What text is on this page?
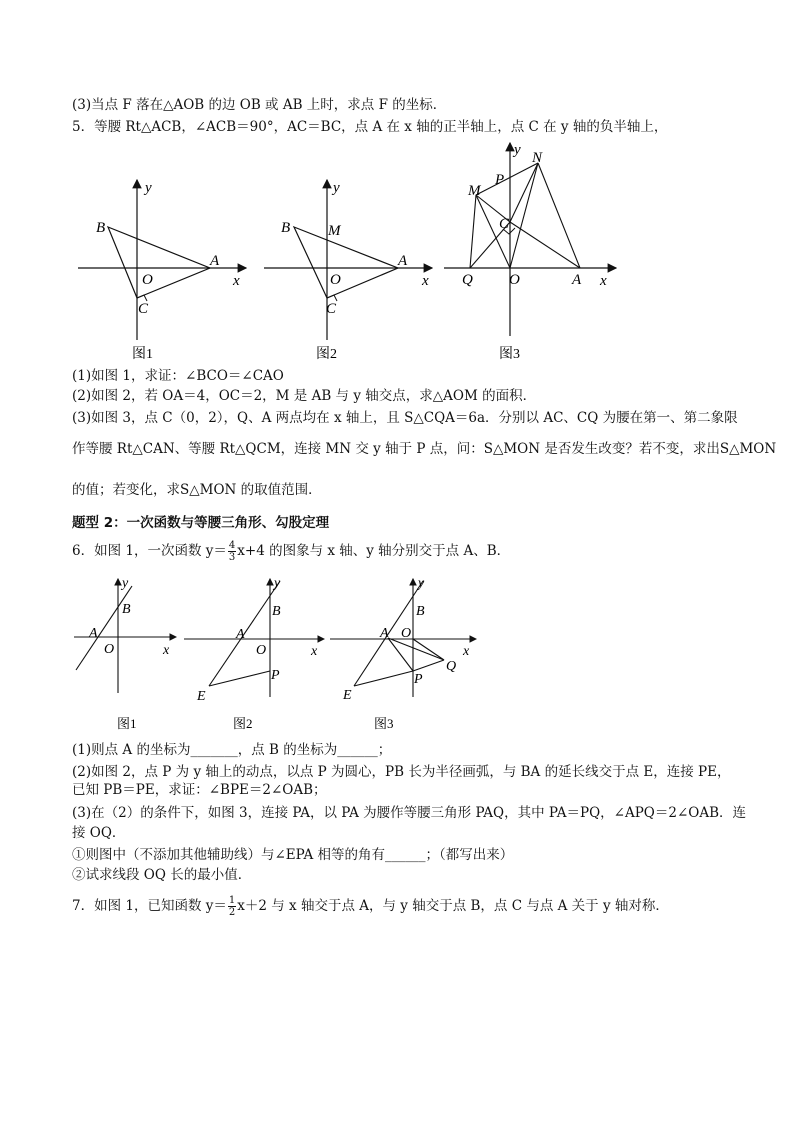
(3)当点 F 落在△AOB 的边 OB 或 AB 上时，求点 F 的坐标．
5．等腰 Rt△ACB，∠ACB＝90°，AC＝BC，点 A 在 x 轴的正半轴上，点 C 在 y 轴的负半轴上，
B
O
A
C
x
y
图1
B	M
O
A
C
x
y
图2
M
N
P
C
Q O	A x
y
图3
(1)如图 1，求证：∠BCO＝∠CAO
(2)如图 2，若 OA＝4，OC＝2，M 是 AB 与 y 轴交点，求△AOM 的面积．
(3)如图 3，点 C（0，2），Q、A 两点均在 x 轴上，且 S△CQA＝6a．分别以 AC、CQ 为腰在第一、第二象限
作等腰 Rt△CAN、等腰 Rt△QCM，连接 MN 交 y 轴于 P 点，问：S△MON 是否发生改变？若不变，求出S△MON
的值；若变化，求S△MON 的取值范围．
题型 2：一次函数与等腰三角形、勾股定理
6．如图 1，一次函数 $y= \frac{4}{3} x+4$ 的图象与 x 轴、y 轴分别交于点 A、B．
A
B
O	x
y
图1
A
B
O
P
E
x
y
图2
A
B
O
P
Q
E
x
y
图3
(1)则点 A 的坐标为_______，点 B 的坐标为______；
(2)如图 2，点 P 为 y 轴上的动点，以点 P 为圆心，PB 长为半径画弧，与 BA 的延长线交于点 E，连接 PE，
已知 PB＝PE，求证：∠BPE＝2∠OAB；
(3)在（2）的条件下，如图 3，连接 PA，以 PA 为腰作等腰三角形 PAQ，其中 PA＝PQ，∠APQ＝2∠OAB．连
接 OQ．
①则图中（不添加其他辅助线）与∠EPA 相等的角有______；（都写出来）
②试求线段 OQ 长的最小值．
7．如图 1，已知函数 $y= \frac{1}{2} x+2$ 与 x 轴交于点 A，与 y 轴交于点 B，点 C 与点 A 关于 y 轴对称．
